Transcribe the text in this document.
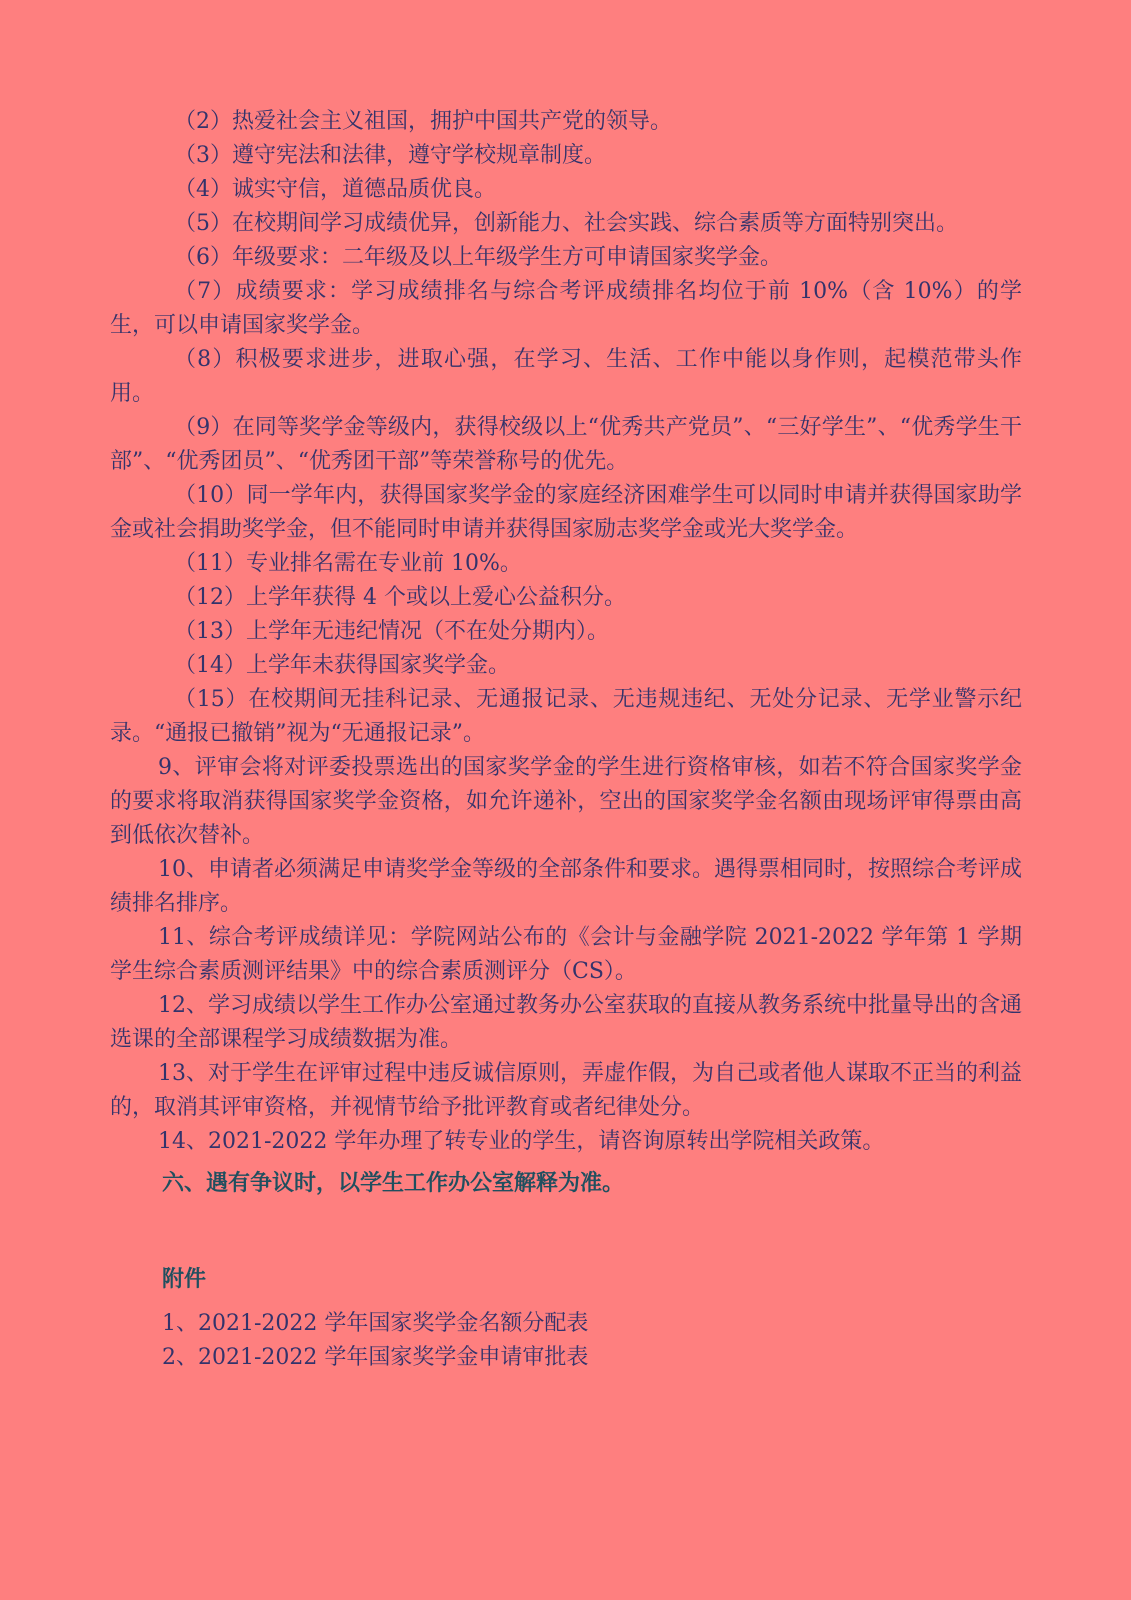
（2）热爱社会主义祖国，拥护中国共产党的领导。

（3）遵守宪法和法律，遵守学校规章制度。

（4）诚实守信，道德品质优良。

（5）在校期间学习成绩优异，创新能力、社会实践、综合素质等方面特别突出。

（6）年级要求：二年级及以上年级学生方可申请国家奖学金。

（7）成绩要求：学习成绩排名与综合考评成绩排名均位于前 10%（含 10%）的学生，可以申请国家奖学金。

（8）积极要求进步，进取心强，在学习、生活、工作中能以身作则，起模范带头作用。

（9）在同等奖学金等级内，获得校级以上“优秀共产党员”、“三好学生”、“优秀学生干部”、“优秀团员”、“优秀团干部”等荣誉称号的优先。

（10）同一学年内，获得国家奖学金的家庭经济困难学生可以同时申请并获得国家助学金或社会捐助奖学金，但不能同时申请并获得国家励志奖学金或光大奖学金。

（11）专业排名需在专业前 10%。

（12）上学年获得 4 个或以上爱心公益积分。

（13）上学年无违纪情况（不在处分期内）。

（14）上学年未获得国家奖学金。

（15）在校期间无挂科记录、无通报记录、无违规违纪、无处分记录、无学业警示纪录。“通报已撤销”视为“无通报记录”。

9、评审会将对评委投票选出的国家奖学金的学生进行资格审核，如若不符合国家奖学金的要求将取消获得国家奖学金资格，如允许递补，空出的国家奖学金名额由现场评审得票由高到低依次替补。

10、申请者必须满足申请奖学金等级的全部条件和要求。遇得票相同时，按照综合考评成绩排名排序。

11、综合考评成绩详见：学院网站公布的《会计与金融学院 2021-2022 学年第 1 学期学生综合素质测评结果》中的综合素质测评分（CS）。

12、学习成绩以学生工作办公室通过教务办公室获取的直接从教务系统中批量导出的含通选课的全部课程学习成绩数据为准。

13、对于学生在评审过程中违反诚信原则，弄虚作假，为自己或者他人谋取不正当的利益的，取消其评审资格，并视情节给予批评教育或者纪律处分。

14、2021-2022 学年办理了转专业的学生，请咨询原转出学院相关政策。

六、遇有争议时，以学生工作办公室解释为准。

附件

1、2021-2022 学年国家奖学金名额分配表

2、2021-2022 学年国家奖学金申请审批表
